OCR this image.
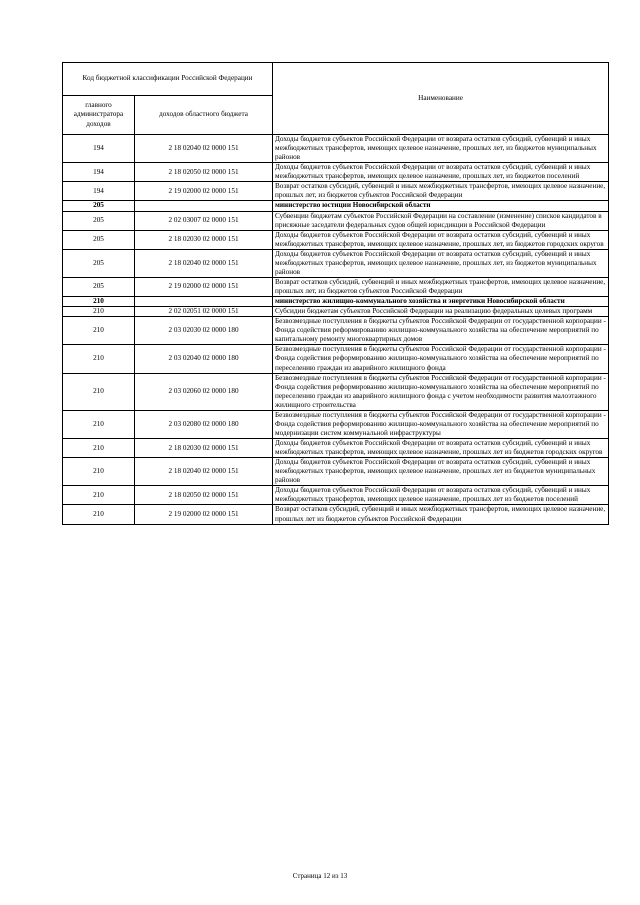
Код бюджетной классификации Российской Федерации		Наименование
главного администратора доходов	доходов областного бюджета	
194	2 18 02040 02 0000 151	Доходы бюджетов субъектов Российской Федерации от возврата остатков субсидий, субвенций и иных межбюджетных трансфертов, имеющих целевое назначение, прошлых лет, из бюджетов муниципальных районов
194	2 18 02050 02 0000 151	Доходы бюджетов субъектов Российской Федерации от возврата остатков субсидий, субвенций и иных межбюджетных трансфертов, имеющих целевое назначение, прошлых лет, из бюджетов поселений
194	2 19 02000 02 0000 151	Возврат остатков субсидий, субвенций и иных межбюджетных трансфертов, имеющих целевое назначение, прошлых лет, из бюджетов субъектов Российской Федерации
205		министерство юстиции Новосибирской области
205	2 02 03007 02 0000 151	Субвенции бюджетам субъектов Российской Федерации на составление (изменение) списков кандидатов в присяжные заседатели федеральных судов общей юрисдикции в Российской Федерации
205	2 18 02030 02 0000 151	Доходы бюджетов субъектов Российской Федерации от возврата остатков субсидий, субвенций и иных межбюджетных трансфертов, имеющих целевое назначение, прошлых лет, из бюджетов городских округов
205	2 18 02040 02 0000 151	Доходы бюджетов субъектов Российской Федерации от возврата остатков субсидий, субвенций и иных межбюджетных трансфертов, имеющих целевое назначение, прошлых лет, из бюджетов муниципальных районов
205	2 19 02000 02 0000 151	Возврат остатков субсидий, субвенций и иных межбюджетных трансфертов, имеющих целевое назначение, прошлых лет, из бюджетов субъектов Российской Федерации
210		министерство жилищно-коммунального хозяйства и энергетики Новосибирской области
210	2 02 02051 02 0000 151	Субсидии бюджетам субъектов Российской Федерации на реализацию федеральных целевых программ
210	2 03 02030 02 0000 180	Безвозмездные поступления в бюджеты субъектов Российской Федерации от государственной корпорации - Фонда содействия реформированию жилищно-коммунального хозяйства на обеспечение мероприятий по капитальному ремонту многоквартирных домов
210	2 03 02040 02 0000 180	Безвозмездные поступления в бюджеты субъектов Российской Федерации от государственной корпорации - Фонда содействия реформированию жилищно-коммунального хозяйства на обеспечение мероприятий по переселению граждан из аварийного жилищного фонда
210	2 03 02060 02 0000 180	Безвозмездные поступления в бюджеты субъектов Российской Федерации от государственной корпорации - Фонда содействия реформированию жилищно-коммунального хозяйства на обеспечение мероприятий по переселению граждан из аварийного жилищного фонда с учетом необходимости развития малоэтажного жилищного строительства
210	2 03 02080 02 0000 180	Безвозмездные поступления в бюджеты субъектов Российской Федерации от государственной корпорации - Фонда содействия реформированию жилищно-коммунального хозяйства на обеспечение мероприятий по модернизации систем коммунальной инфраструктуры
210	2 18 02030 02 0000 151	Доходы бюджетов субъектов Российской Федерации от возврата остатков субсидий, субвенций и иных межбюджетных трансфертов, имеющих целевое назначение, прошлых лет из бюджетов городских округов
210	2 18 02040 02 0000 151	Доходы бюджетов субъектов Российской Федерации от возврата остатков субсидий, субвенций и иных межбюджетных трансфертов, имеющих целевое назначение, прошлых лет из бюджетов муниципальных районов
210	2 18 02050 02 0000 151	Доходы бюджетов субъектов Российской Федерации от возврата остатков субсидий, субвенций и иных межбюджетных трансфертов, имеющих целевое назначение, прошлых лет из бюджетов поселений
210	2 19 02000 02 0000 151	Возврат остатков субсидий, субвенций и иных межбюджетных трансфертов, имеющих целевое назначение, прошлых лет из бюджетов субъектов Российской Федерации
Страница 12 из 13
